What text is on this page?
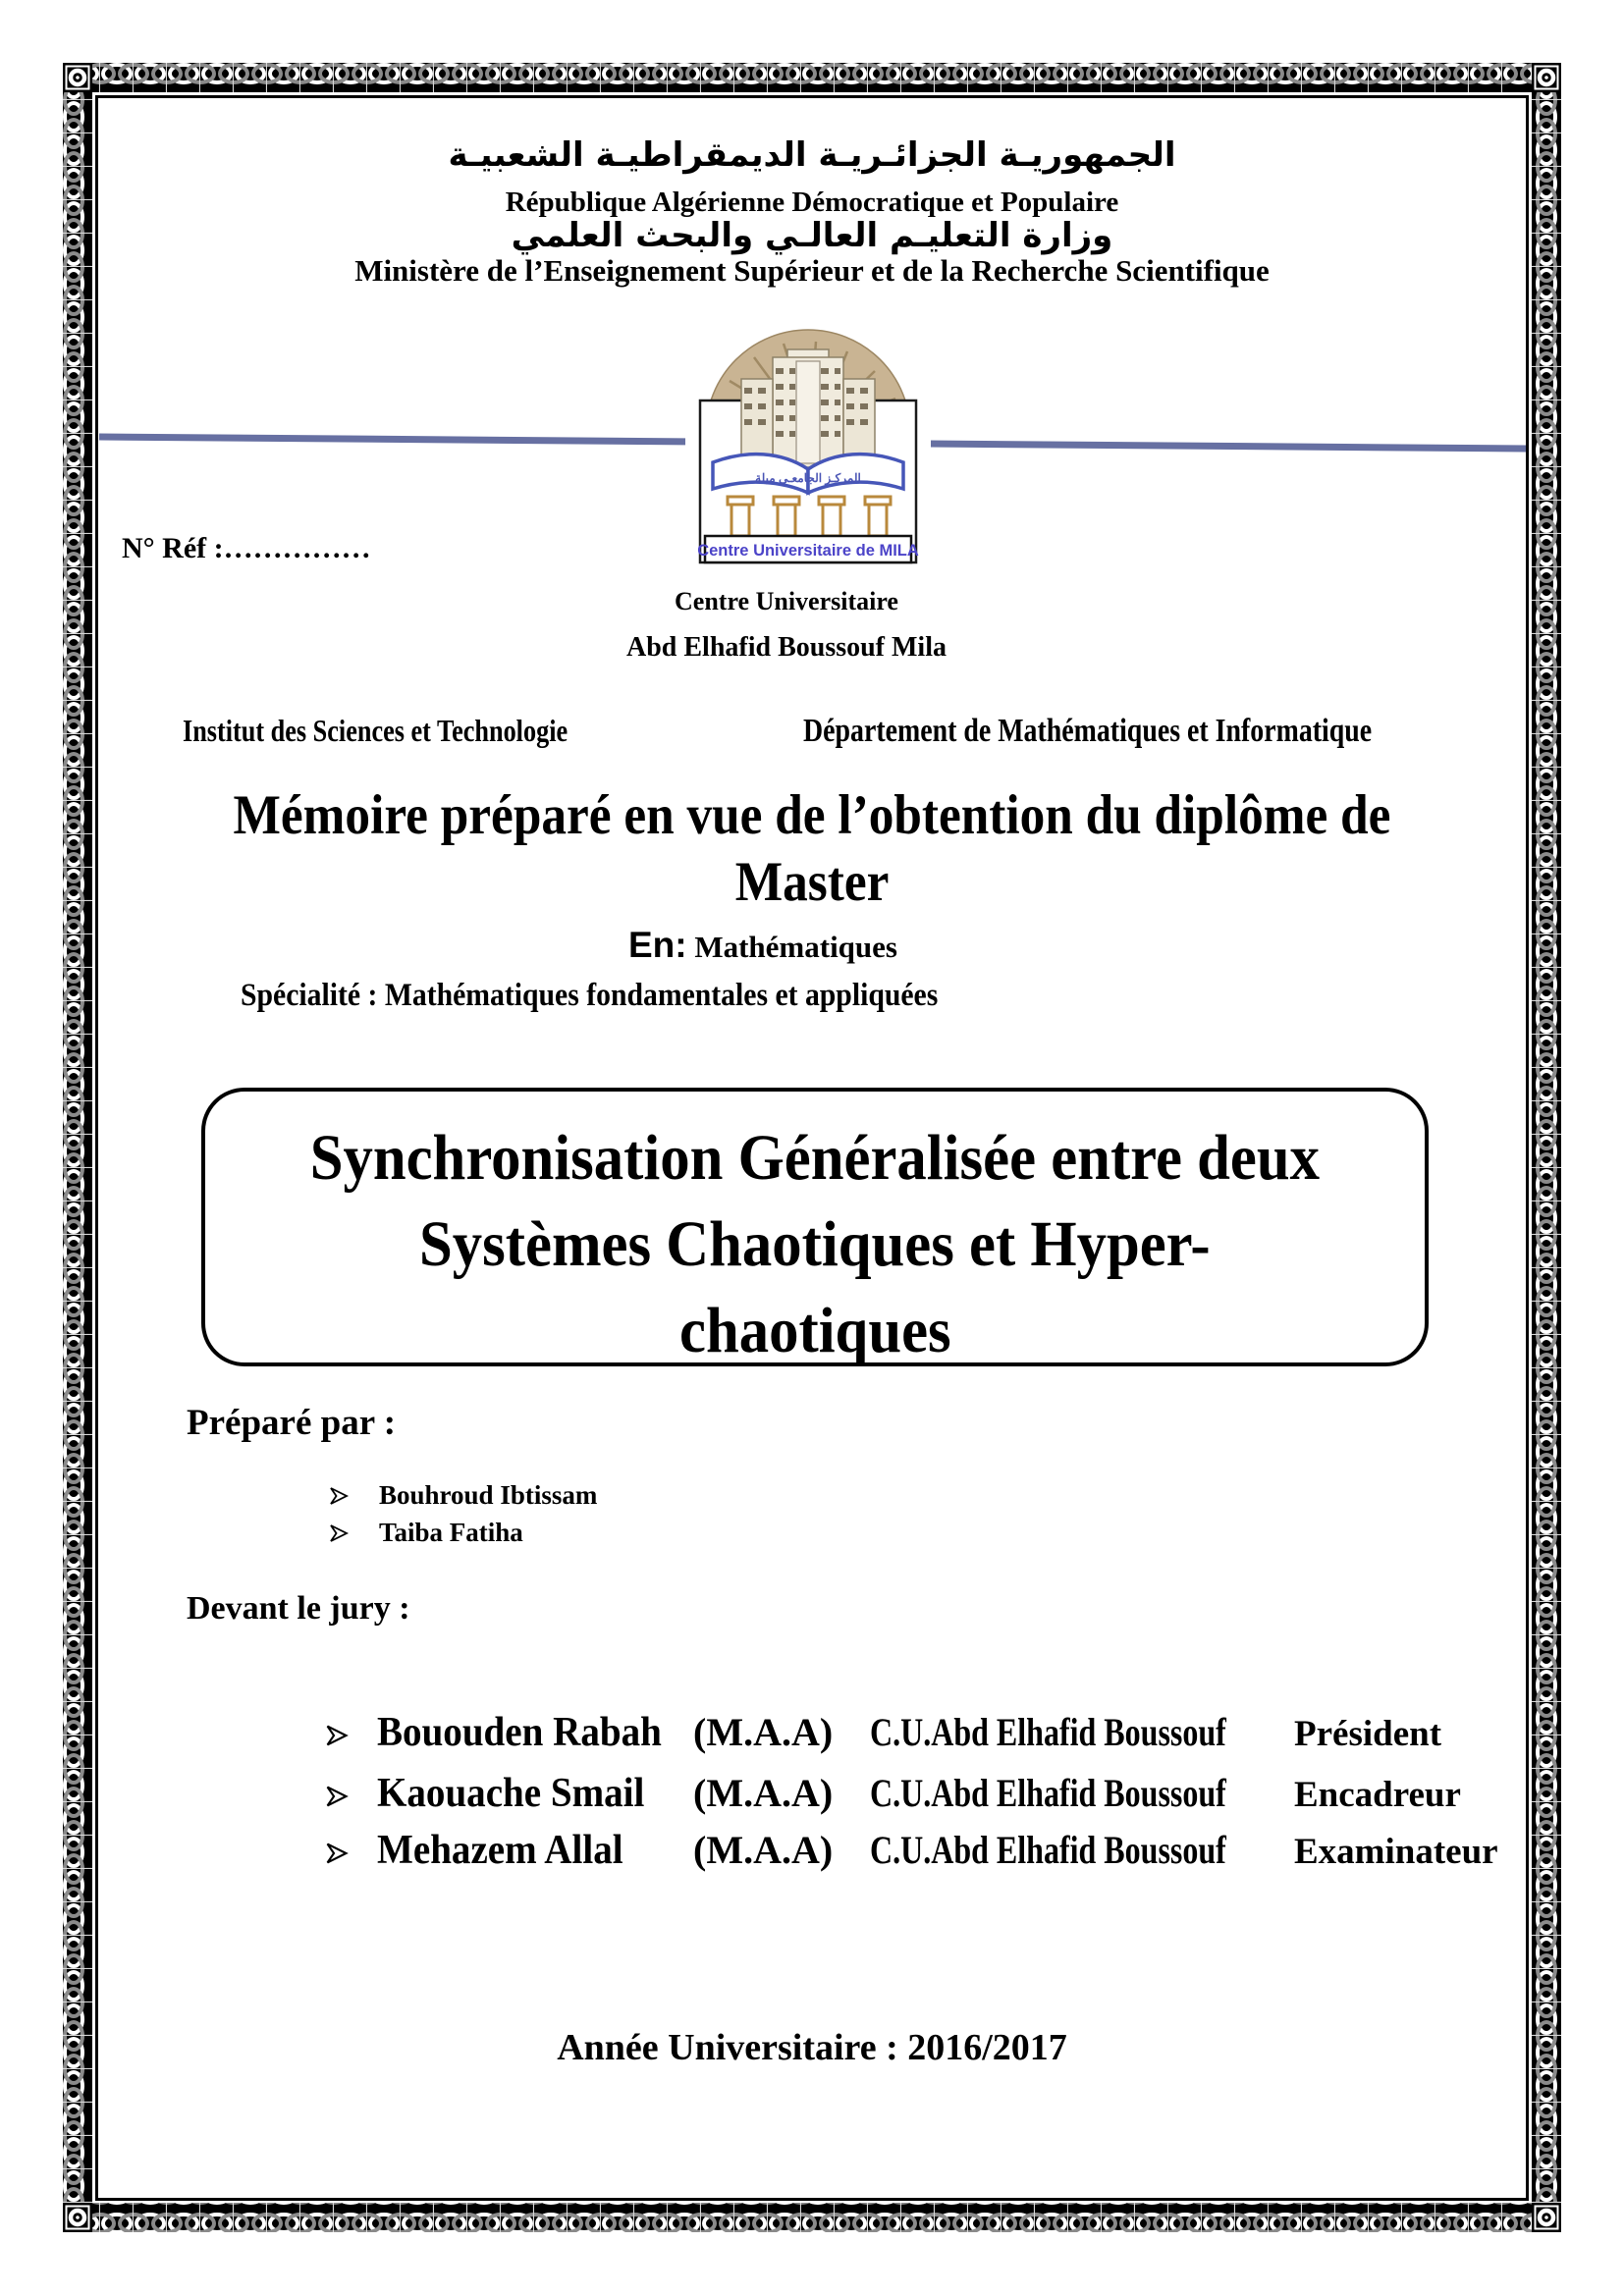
الجمهوريـة الجزائـريـة الديمقراطيـة الشعبيـة
République Algérienne Démocratique et Populaire
وزارة التعليـم العالـي والبحث العلمي
Ministère de l’Enseignement Supérieur et de la Recherche Scientifique
المركـز الجامعـي ميلة
Centre Universitaire de MILA
N° Réf :……………
Centre Universitaire
Abd Elhafid Boussouf Mila
Institut des Sciences et Technologie	Département de Mathématiques et Informatique
Mémoire préparé en vue de l’obtention du diplôme de
Master
En: Mathématiques
Spécialité : Mathématiques fondamentales et appliquées
Synchronisation Généralisée entre deux
Systèmes Chaotiques et Hyper-
chaotiques
Préparé par :
Bouhroud Ibtissam
Taiba Fatiha
Devant le jury :
Bououden Rabah (M.A.A) C.U.Abd Elhafid Boussouf	Président
Kaouache Smail	(M.A.A) C.U.Abd Elhafid Boussouf	Encadreur
Mehazem Allal	(M.A.A) C.U.Abd Elhafid Boussouf	Examinateur
Année Universitaire : 2016/2017
